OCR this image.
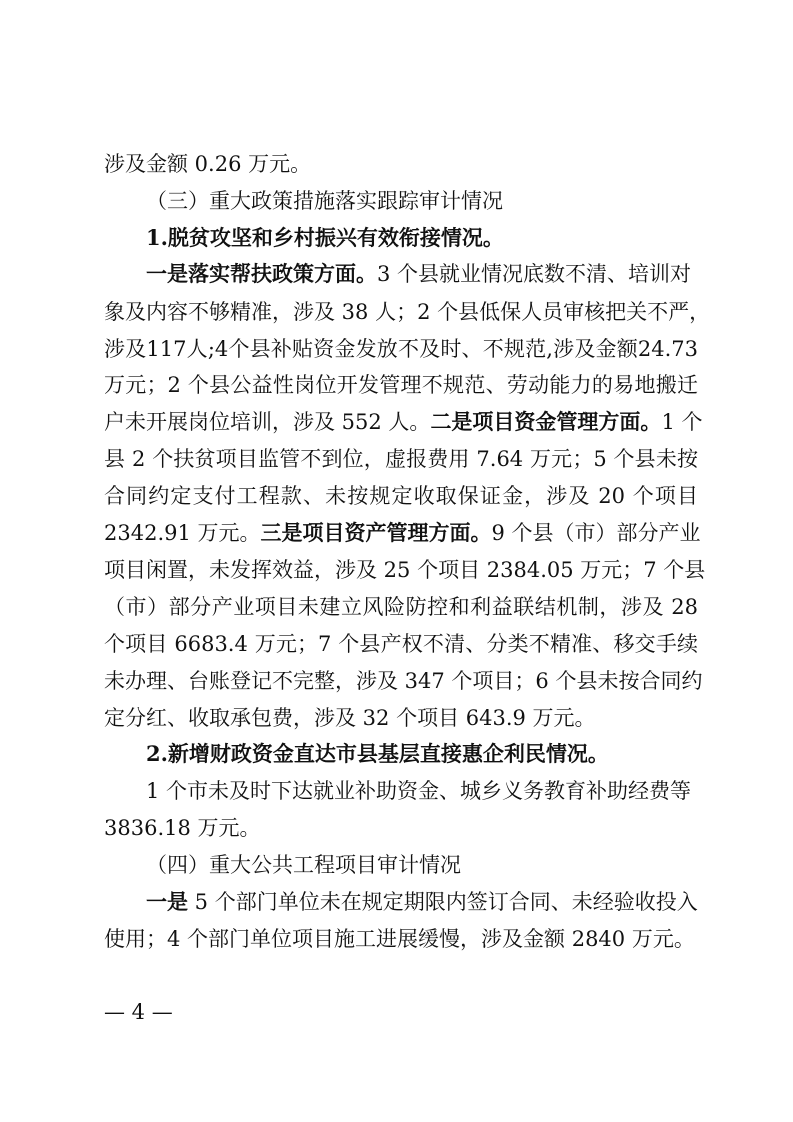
涉及金额 0.26 万元。
（三）重大政策措施落实跟踪审计情况
1.脱贫攻坚和乡村振兴有效衔接情况。
一是落实帮扶政策方面。3 个县就业情况底数不清、培训对
象及内容不够精准，涉及 38 人；2 个县低保人员审核把关不严，
涉及117人;4个县补贴资金发放不及时、不规范,涉及金额24.73
万元；2 个县公益性岗位开发管理不规范、劳动能力的易地搬迁
户未开展岗位培训，涉及 552 人。二是项目资金管理方面。1 个
县 2 个扶贫项目监管不到位，虚报费用 7.64 万元；5 个县未按
合同约定支付工程款、未按规定收取保证金，涉及 20 个项目
2342.91 万元。三是项目资产管理方面。9 个县（市）部分产业
项目闲置，未发挥效益，涉及 25 个项目 2384.05 万元；7 个县
（市）部分产业项目未建立风险防控和利益联结机制，涉及 28
个项目 6683.4 万元；7 个县产权不清、分类不精准、移交手续
未办理、台账登记不完整，涉及 347 个项目；6 个县未按合同约
定分红、收取承包费，涉及 32 个项目 643.9 万元。
2.新增财政资金直达市县基层直接惠企利民情况。
1 个市未及时下达就业补助资金、城乡义务教育补助经费等
3836.18 万元。
（四）重大公共工程项目审计情况
一是 5 个部门单位未在规定期限内签订合同、未经验收投入
使用；4 个部门单位项目施工进展缓慢，涉及金额 2840 万元。
— 4 —
